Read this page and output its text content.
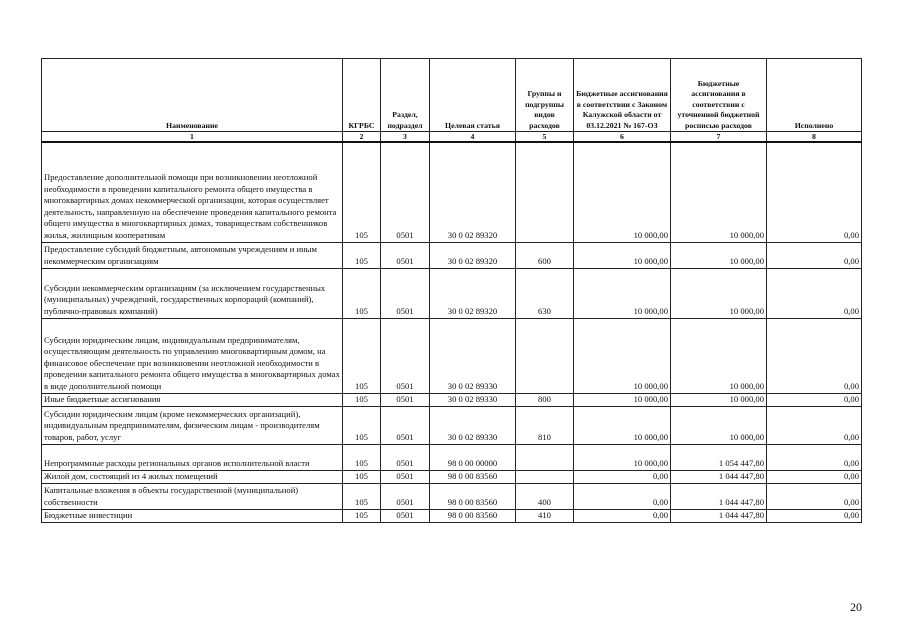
Наименование	КГРБС	Раздел, подраздел	Целевая статья	Группы и подгруппы видов расходов	Бюджетные ассигнования в соответствии с Законом Калужской области от 03.12.2021 № 167-ОЗ	Бюджетные ассигнования в соответствии с уточненной бюджетной росписью расходов	Исполнено
1	2	3	4	5	6	7	8
Предоставление дополнительной помощи при возникновении неотложной необходимости в проведении капитального ремонта общего имущества в многоквартирных домах некоммерческой организации, которая осуществляет деятельность, направленную на обеспечение проведения капитального ремонта общего имущества в многоквартирных домах, товариществам собственников жилья, жилищным кооперативам	105	0501	30 0 02 89320		10 000,00	10 000,00	0,00
Предоставление субсидий бюджетным, автономным учреждениям и иным некоммерческим организациям	105	0501	30 0 02 89320	600	10 000,00	10 000,00	0,00
Субсидии некоммерческим организациям (за исключением государственных (муниципальных) учреждений, государственных корпораций (компаний), публично-правовых компаний)	105	0501	30 0 02 89320	630	10 000,00	10 000,00	0,00
Субсидии юридическим лицам, индивидуальным предпринимателям, осуществляющим деятельность по управлению многоквартирным домом, на финансовое обеспечение при возникновении неотложной необходимости в проведении капитального ремонта общего имущества в многоквартирных домах в виде дополнительной помощи	105	0501	30 0 02 89330		10 000,00	10 000,00	0,00
Иные бюджетные ассигнования	105	0501	30 0 02 89330	800	10 000,00	10 000,00	0,00
Субсидии юридическим лицам (кроме некоммерческих организаций), индивидуальным предпринимателям, физическим лицам - производителям товаров, работ, услуг	105	0501	30 0 02 89330	810	10 000,00	10 000,00	0,00
Непрограммные расходы региональных органов исполнительной власти	105	0501	98 0 00 00000		10 000,00	1 054 447,80	0,00
Жилой дом, состоящий из 4 жилых помещений	105	0501	98 0 00 83560		0,00	1 044 447,80	0,00
Капитальные вложения в объекты государственной (муниципальной) собственности	105	0501	98 0 00 83560	400	0,00	1 044 447,80	0,00
Бюджетные инвестиции	105	0501	98 0 00 83560	410	0,00	1 044 447,80	0,00
20
